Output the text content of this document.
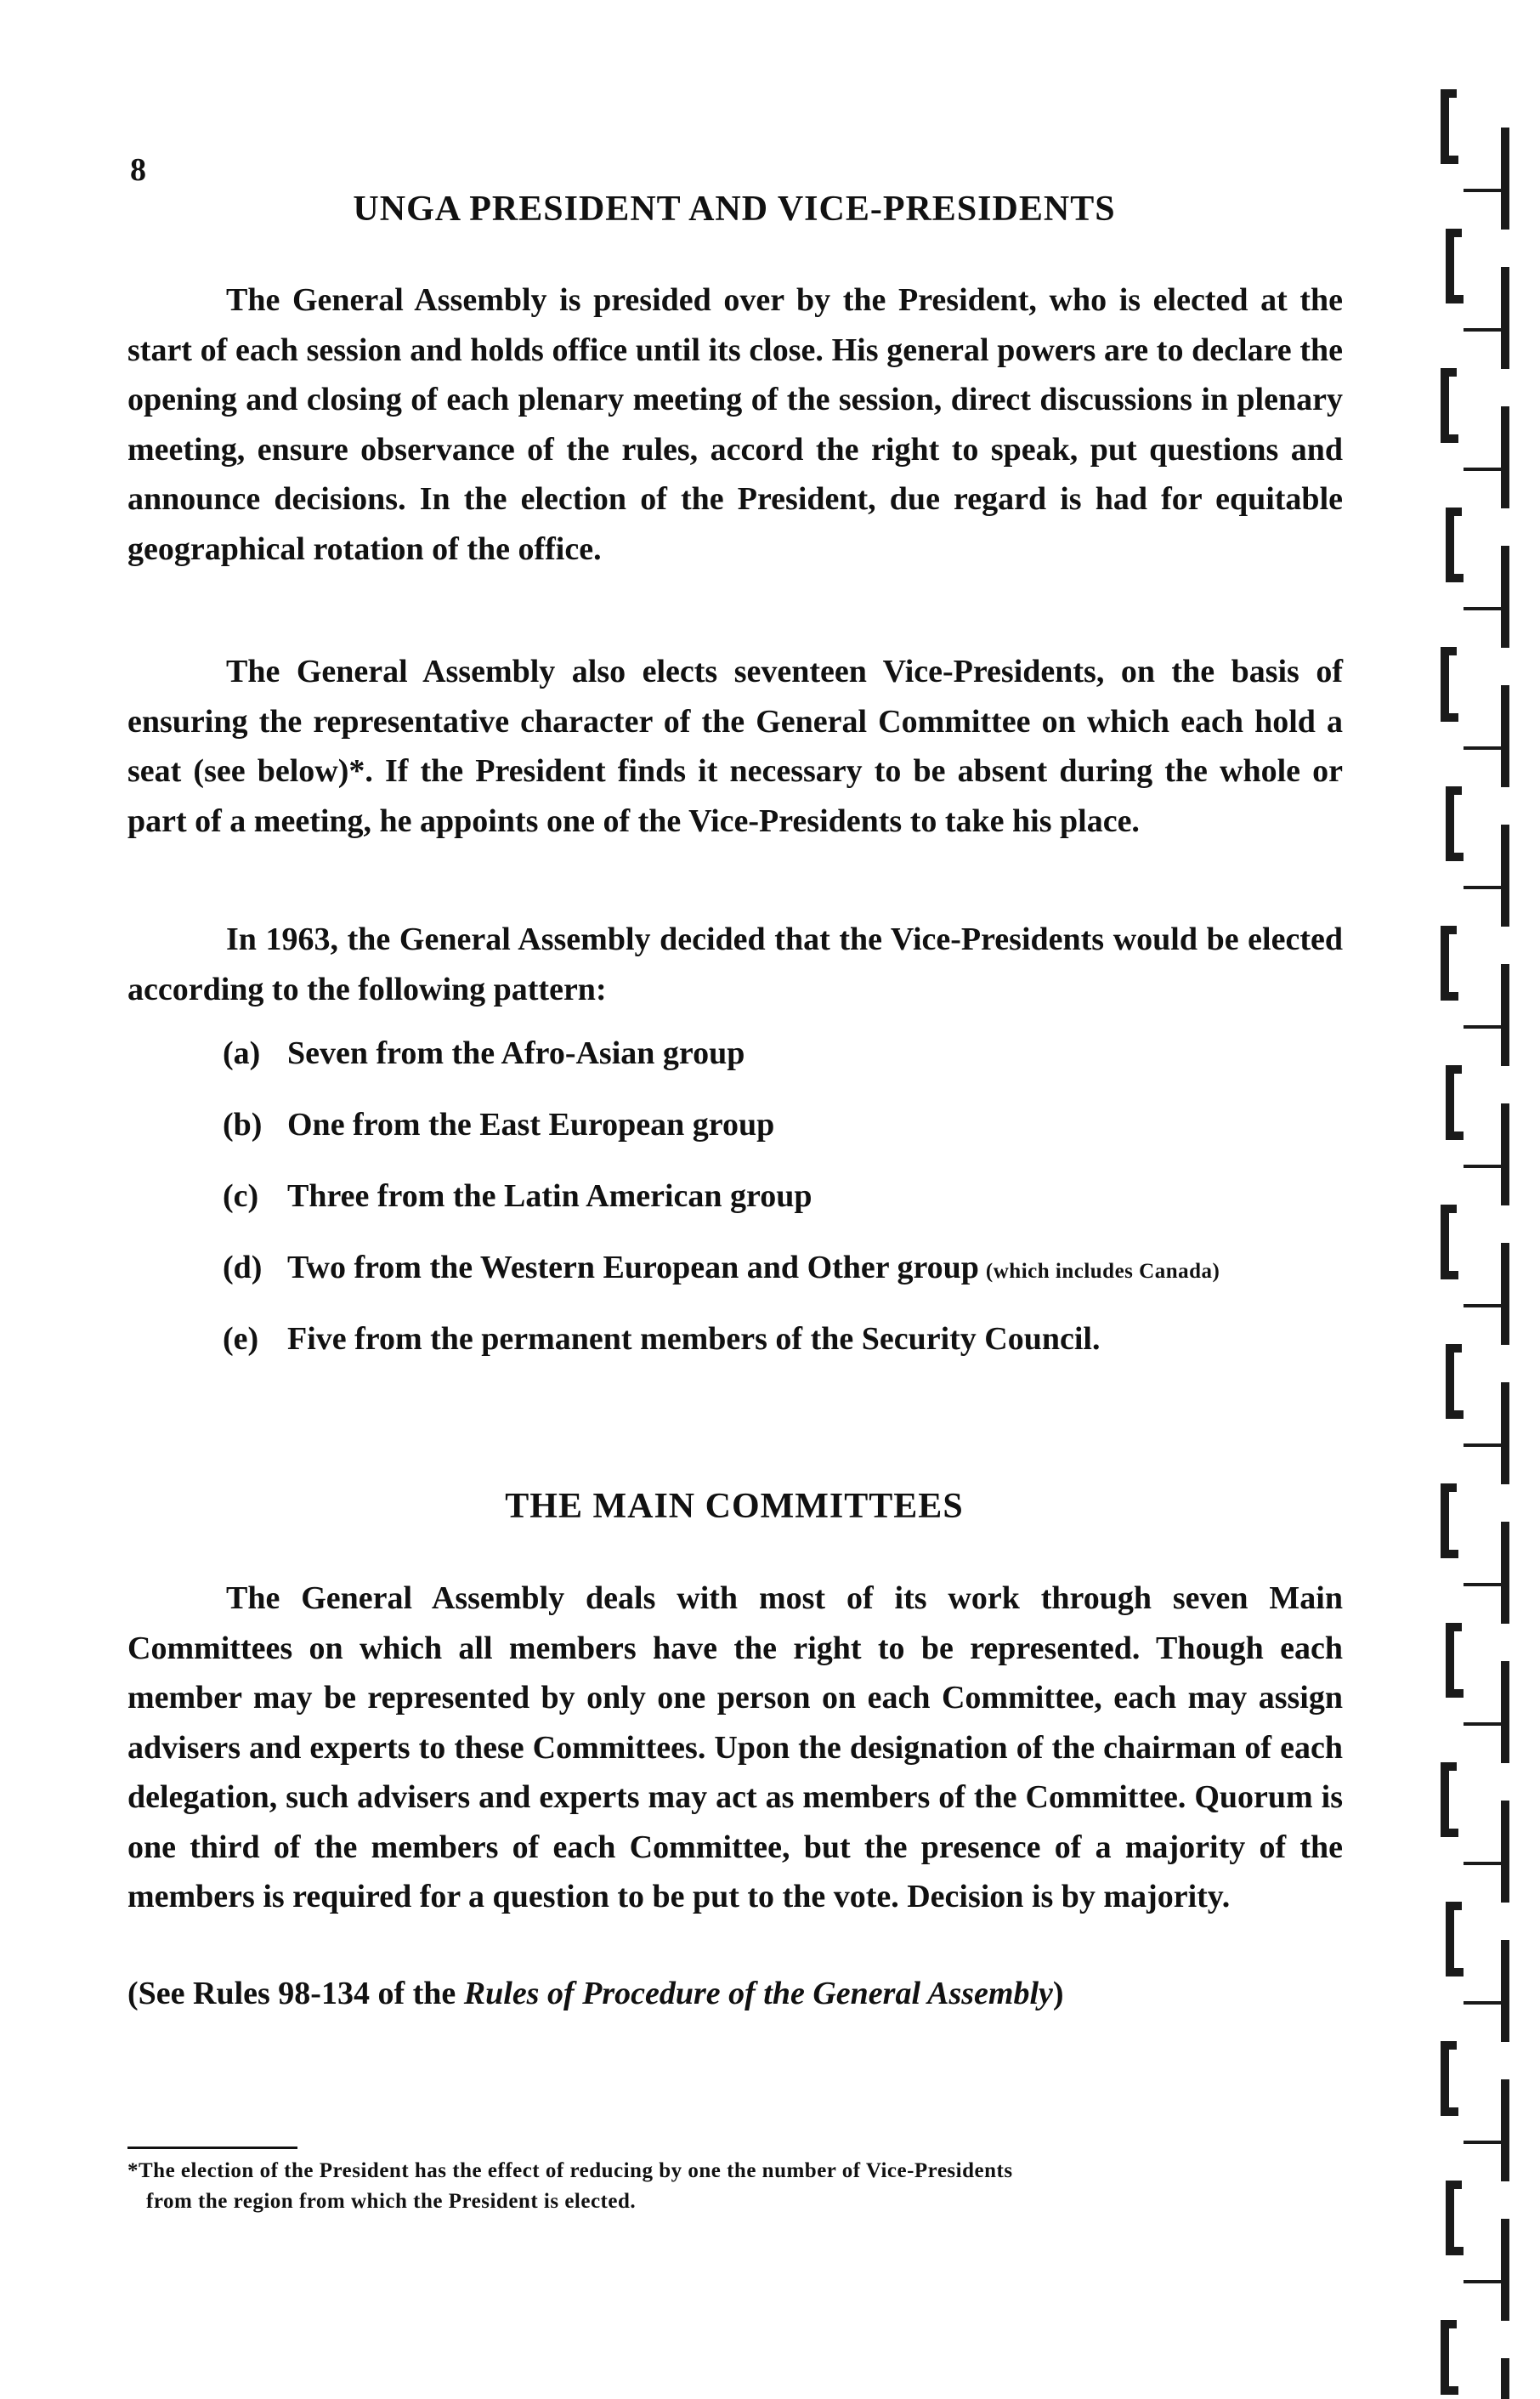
8
UNGA PRESIDENT AND VICE-PRESIDENTS

The General Assembly is presided over by the President, who is elected at the start of each session and holds office until its close. His general powers are to declare the opening and closing of each plenary meeting of the session, direct discussions in plenary meeting, ensure observance of the rules, accord the right to speak, put questions and announce decisions. In the election of the President, due regard is had for equitable geographical rotation of the office.

The General Assembly also elects seventeen Vice-Presidents, on the basis of ensuring the representative character of the General Committee on which each hold a seat (see below)*. If the President finds it necessary to be absent during the whole or part of a meeting, he appoints one of the Vice-Presidents to take his place.

In 1963, the General Assembly decided that the Vice-Presidents would be elected according to the following pattern:

(a) Seven from the Afro-Asian group
(b) One from the East European group
(c) Three from the Latin American group
(d) Two from the Western European and Other group (which includes Canada)
(e) Five from the permanent members of the Security Council.
THE MAIN COMMITTEES

The General Assembly deals with most of its work through seven Main Committees on which all members have the right to be represented. Though each member may be represented by only one person on each Committee, each may assign advisers and experts to these Committees. Upon the designation of the chairman of each delegation, such advisers and experts may act as members of the Committee. Quorum is one third of the members of each Committee, but the presence of a majority of the members is required for a question to be put to the vote. Decision is by majority.

(See Rules 98-134 of the Rules of Procedure of the General Assembly)
*The election of the President has the effect of reducing by one the number of Vice-Presidents
from the region from which the President is elected.
